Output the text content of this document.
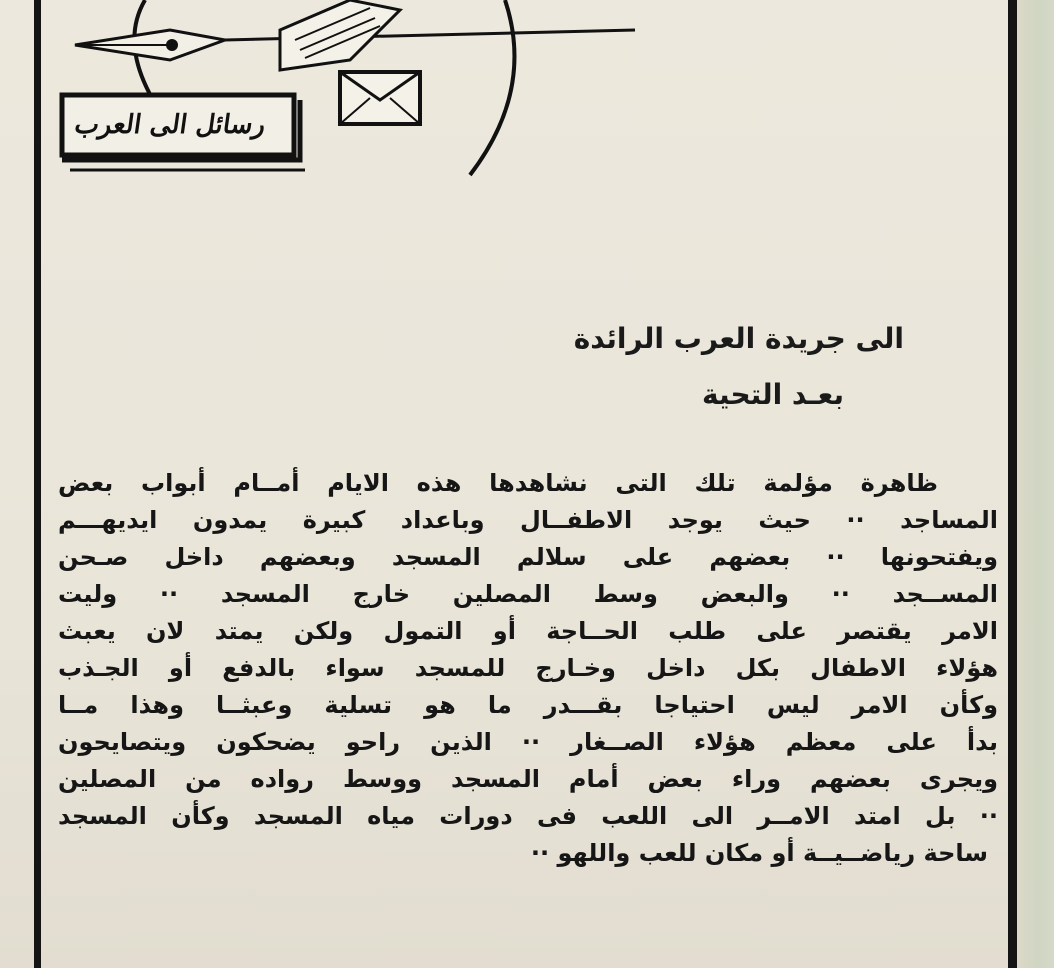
رسائل الى العرب
الى جريدة العرب الرائدة
بعـد التحية
ظاهرة مؤلمة تلك التى نشاهدها هذه الايام أمــام أبواب بعض
المساجد ·· حيث يوجد الاطفــال وباعداد كبيرة يمدون ايديهـــم
ويفتحونها ·· بعضهم على سلالم المسجد وبعضهم داخل صـحن
المســجد ·· والبعض وسط المصلين خارج المسجد ·· وليت
الامر يقتصر على طلب الحــاجة أو التمول ولكن يمتد لان يعبث
هؤلاء الاطفال بكل داخل وخـارج للمسجد سواء بالدفع أو الجـذب
وكأن الامر ليس احتياجا بقـــدر ما هو تسلية وعبثــا وهذا مــا
بدأ على معظم هؤلاء الصــغار ·· الذين راحو يضحكون ويتصايحون
ويجرى بعضهم وراء بعض أمام المسجد ووسط رواده من المصلين
·· بل امتد الامــر الى اللعب فى دورات مياه المسجد وكأن المسجد
ساحة رياضــيــة أو مكان للعب واللهو ··
